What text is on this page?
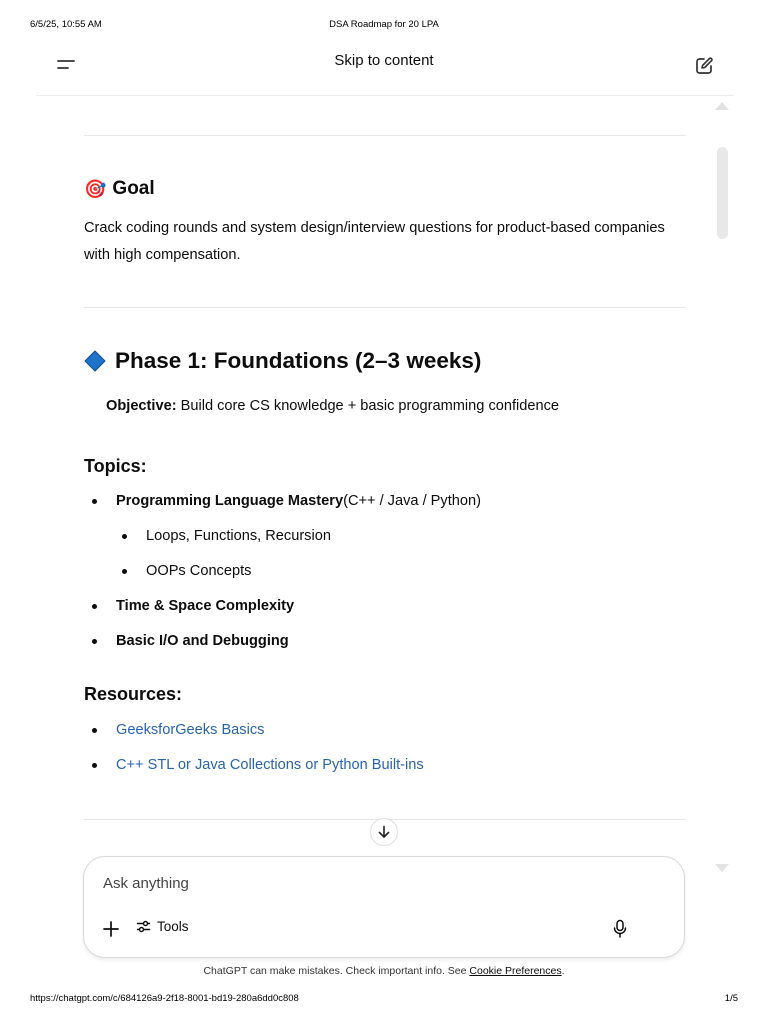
6/5/25, 10:55 AM	DSA Roadmap for 20 LPA
Skip to content
🎯 Goal
Crack coding rounds and system design/interview questions for product-based companies with high compensation.
Phase 1: Foundations (2–3 weeks)
Objective: Build core CS knowledge + basic programming confidence
Topics:
Programming Language Mastery (C++ / Java / Python)
Loops, Functions, Recursion
OOPs Concepts
Time & Space Complexity
Basic I/O and Debugging
Resources:
GeeksforGeeks Basics
C++ STL or Java Collections or Python Built-ins
Ask anything
Tools
ChatGPT can make mistakes. Check important info. See Cookie Preferences.
https://chatgpt.com/c/684126a9-2f18-8001-bd19-280a6dd0c808	1/5
